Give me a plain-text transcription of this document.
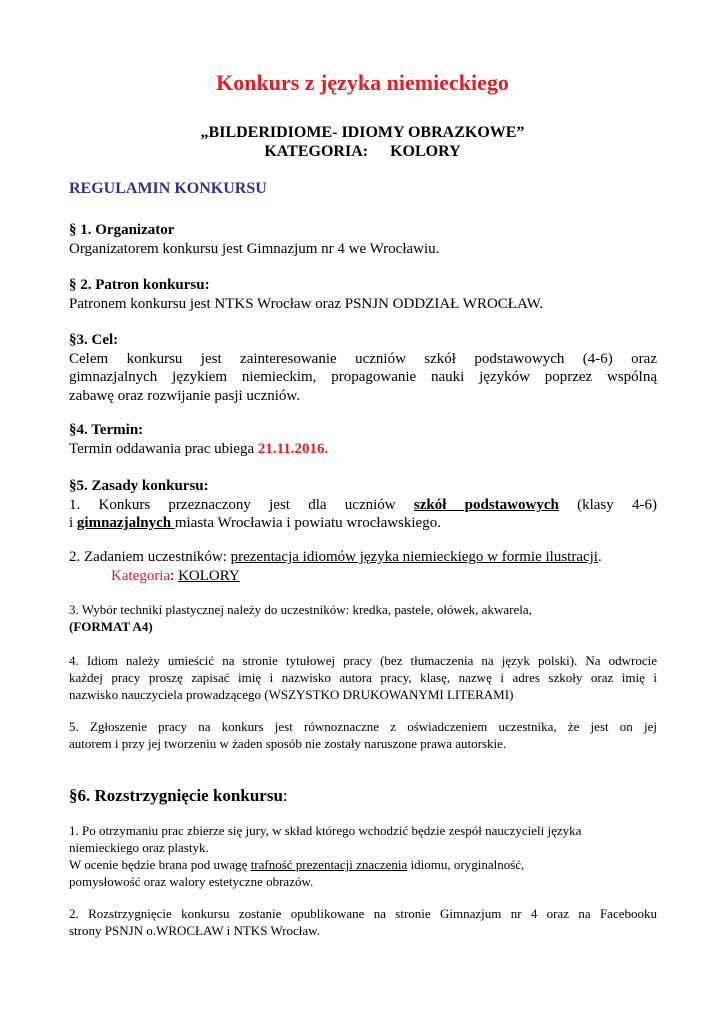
Konkurs z języka niemieckiego
„BILDERIDIOME- IDIOMY OBRAZKOWE”
KATEGORIA: KOLORY
REGULAMIN KONKURSU
§ 1. Organizator
Organizatorem konkursu jest Gimnazjum nr 4 we Wrocławiu.
§ 2. Patron konkursu:
Patronem konkursu jest NTKS Wrocław oraz PSNJN ODDZIAŁ WROCŁAW.
§3. Cel:
Celem konkursu jest zainteresowanie uczniów szkół podstawowych (4-6) oraz
gimnazjalnych językiem niemieckim, propagowanie nauki języków poprzez wspólną
zabawę oraz rozwijanie pasji uczniów.
§4. Termin:
Termin oddawania prac ubiega 21.11.2016.
§5. Zasady konkursu:
1. Konkurs przeznaczony jest dla uczniów szkół podstawowych (klasy 4-6)
i gimnazjalnych miasta Wrocławia i powiatu wrocławskiego.
2. Zadaniem uczestników: prezentacja idiomów języka niemieckiego w formie ilustracji.
Kategoria: KOLORY
3. Wybór techniki plastycznej należy do uczestników: kredka, pastele, ołówek, akwarela,
(FORMAT A4)
4. Idiom należy umieścić na stronie tytułowej pracy (bez tłumaczenia na język polski). Na odwrocie
każdej pracy proszę zapisać imię i nazwisko autora pracy, klasę, nazwę i adres szkoły oraz imię i
nazwisko nauczyciela prowadzącego (WSZYSTKO DRUKOWANYMI LITERAMI)
5. Zgłoszenie pracy na konkurs jest równoznaczne z oświadczeniem uczestnika, że jest on jej
autorem i przy jej tworzeniu w żaden sposób nie zostały naruszone prawa autorskie.
§6. Rozstrzygnięcie konkursu:
1. Po otrzymaniu prac zbierze się jury, w skład którego wchodzić będzie zespół nauczycieli języka
niemieckiego oraz plastyk.
W ocenie będzie brana pod uwagę trafność prezentacji znaczenia idiomu, oryginalność,
pomysłowość oraz walory estetyczne obrazów.
2. Rozstrzygnięcie konkursu zostanie opublikowane na stronie Gimnazjum nr 4 oraz na Facebooku
strony PSNJN o.WROCŁAW i NTKS Wrocław.
